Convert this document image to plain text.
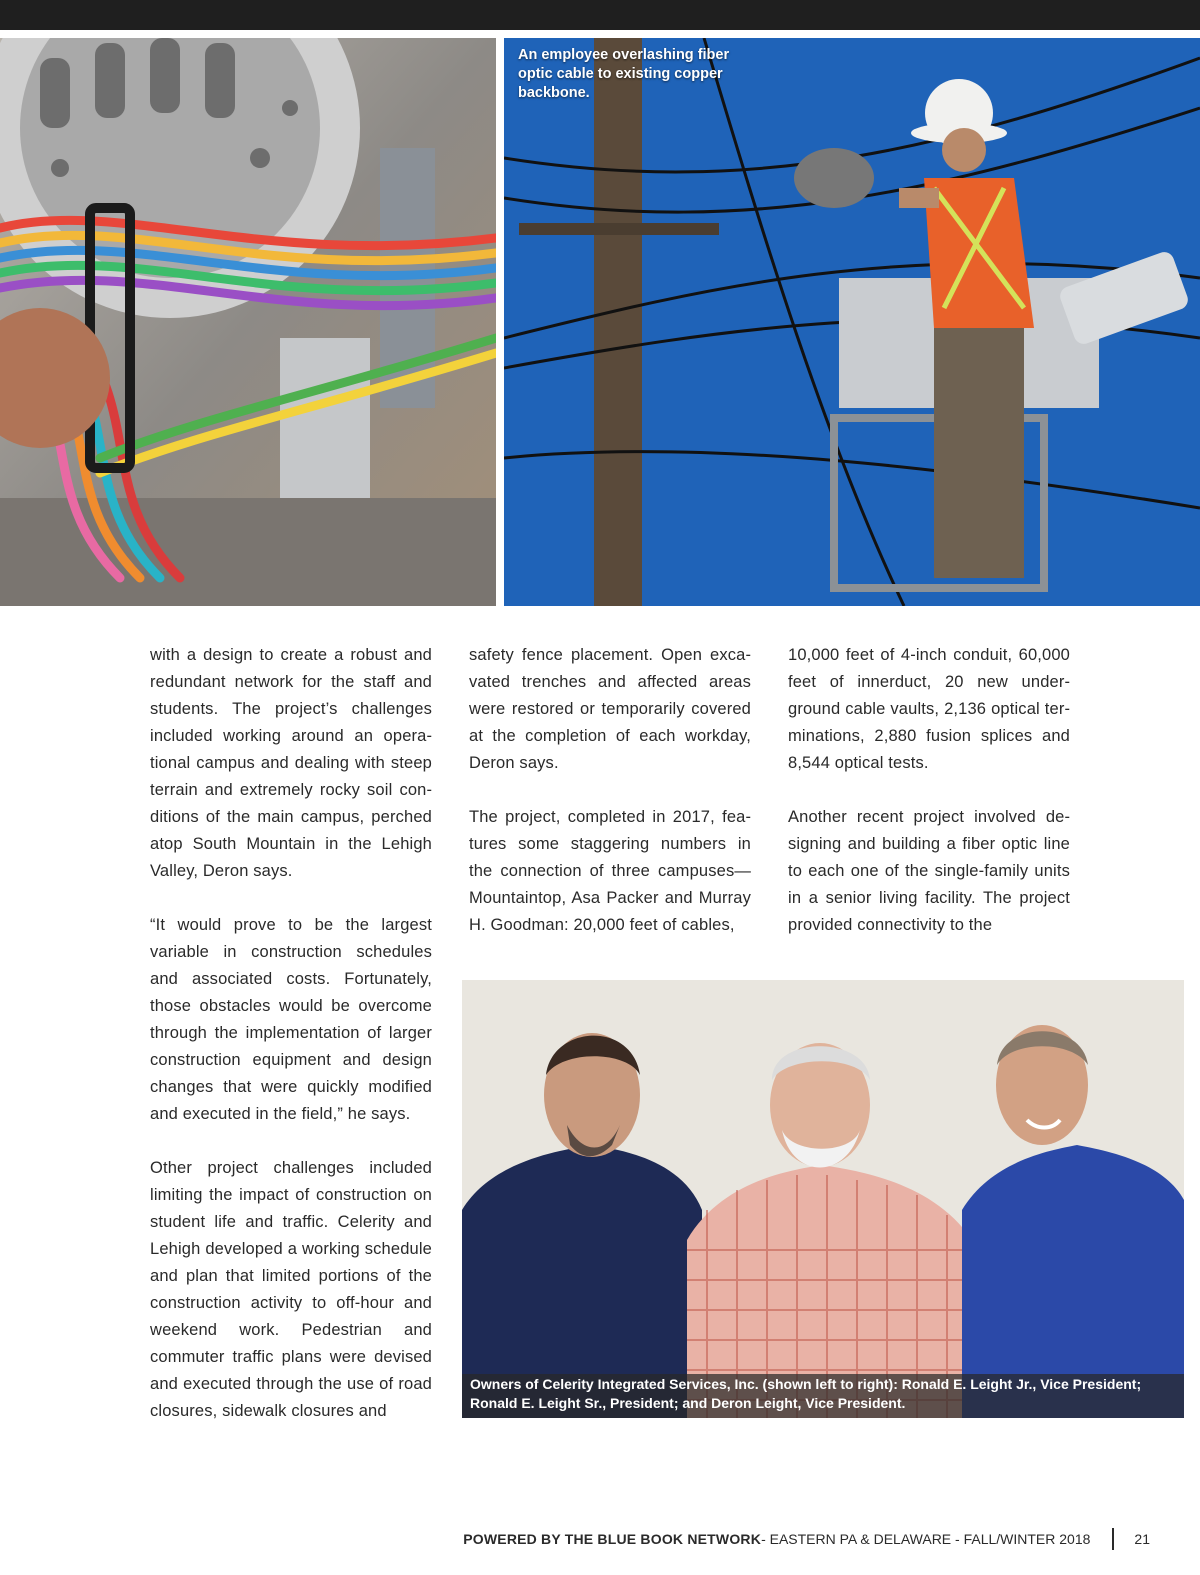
An employee overlashing fiber optic cable to existing copper backbone.

with a design to create a robust and redundant network for the staff and students. The project’s challenges included working around an operational campus and dealing with steep terrain and extremely rocky soil conditions of the main campus, perched atop South Mountain in the Lehigh Valley, Deron says.

“It would prove to be the largest variable in construction schedules and associated costs. Fortunately, those obstacles would be overcome through the implementation of larger construction equipment and design changes that were quickly modified and executed in the field,” he says.

Other project challenges included limiting the impact of construction on student life and traffic. Celerity and Lehigh developed a working schedule and plan that limited portions of the construction activity to off-hour and weekend work. Pedestrian and commuter traffic plans were devised and executed through the use of road closures, sidewalk closures and

safety fence placement. Open excavated trenches and affected areas were restored or temporarily covered at the completion of each workday, Deron says.

The project, completed in 2017, features some staggering numbers in the connection of three campuses—Mountaintop, Asa Packer and Murray H. Goodman: 20,000 feet of cables,

10,000 feet of 4-inch conduit, 60,000 feet of innerduct, 20 new underground cable vaults, 2,136 optical terminations, 2,880 fusion splices and 8,544 optical tests.

Another recent project involved designing and building a fiber optic line to each one of the single-family units in a senior living facility. The project provided connectivity to the

Owners of Celerity Integrated Services, Inc. (shown left to right): Ronald E. Leight Jr., Vice President; Ronald E. Leight Sr., President; and Deron Leight, Vice President.
POWERED BY THE BLUE BOOK NETWORK - EASTERN PA & DELAWARE - FALL/WINTER 2018	21
